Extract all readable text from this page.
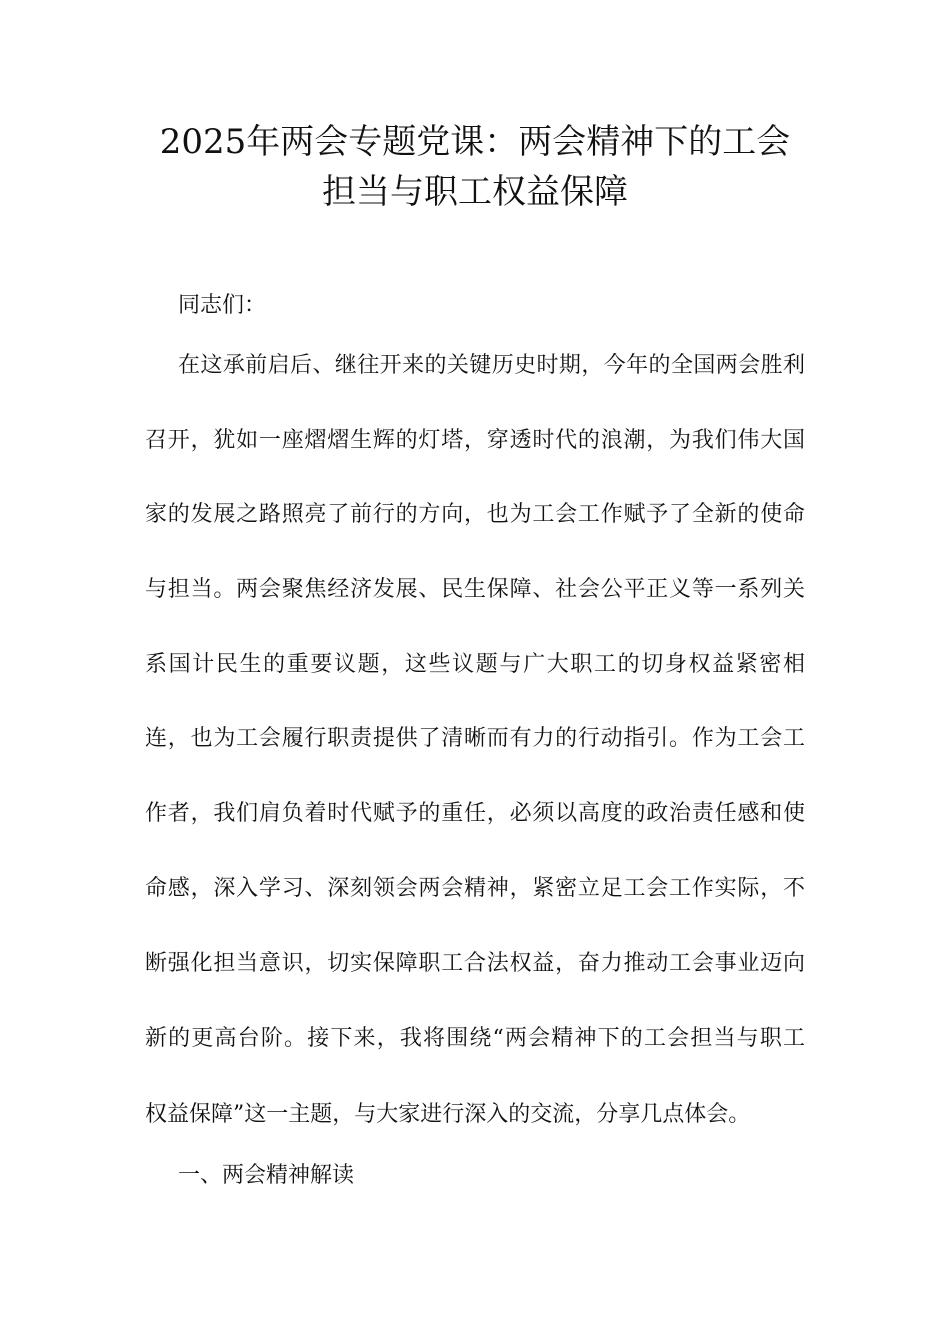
2025年两会专题党课：两会精神下的工会
担当与职工权益保障
同志们：
在这承前启后、继往开来的关键历史时期，今年的全国两会胜利
召开，犹如一座熠熠生辉的灯塔，穿透时代的浪潮，为我们伟大国
家的发展之路照亮了前行的方向，也为工会工作赋予了全新的使命
与担当。两会聚焦经济发展、民生保障、社会公平正义等一系列关
系国计民生的重要议题，这些议题与广大职工的切身权益紧密相
连，也为工会履行职责提供了清晰而有力的行动指引。作为工会工
作者，我们肩负着时代赋予的重任，必须以高度的政治责任感和使
命感，深入学习、深刻领会两会精神，紧密立足工会工作实际，不
断强化担当意识，切实保障职工合法权益，奋力推动工会事业迈向
新的更高台阶。接下来，我将围绕“两会精神下的工会担当与职工
权益保障”这一主题，与大家进行深入的交流，分享几点体会。
一、两会精神解读
